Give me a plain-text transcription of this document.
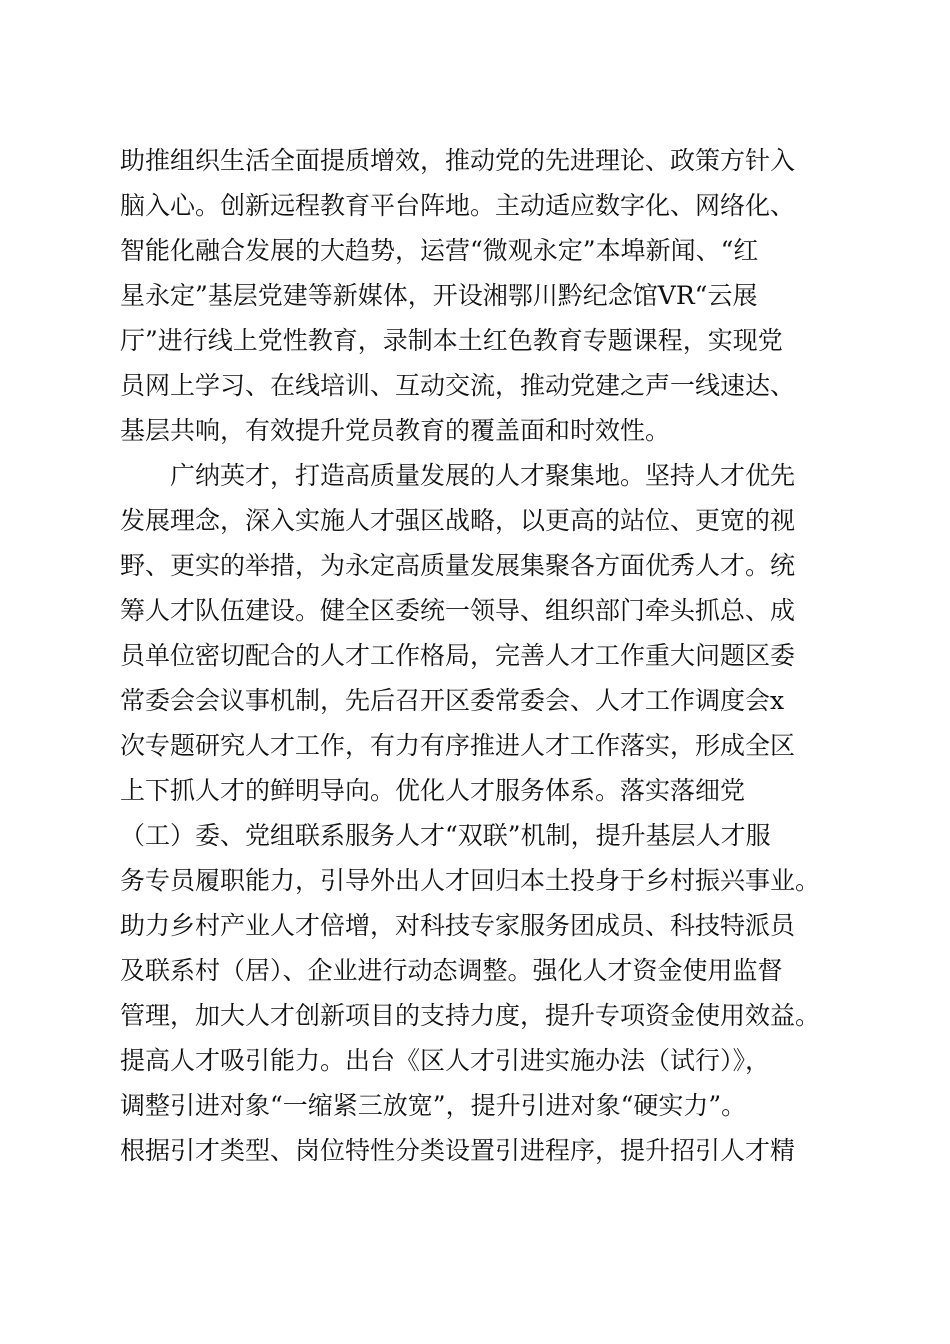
助推组织生活全面提质增效，推动党的先进理论、政策方针入
脑入心。创新远程教育平台阵地。主动适应数字化、网络化、
智能化融合发展的大趋势，运营“微观永定”本埠新闻、“红
星永定”基层党建等新媒体，开设湘鄂川黔纪念馆VR“云展
厅”进行线上党性教育，录制本土红色教育专题课程，实现党
员网上学习、在线培训、互动交流，推动党建之声一线速达、
基层共响，有效提升党员教育的覆盖面和时效性。
广纳英才，打造高质量发展的人才聚集地。坚持人才优先
发展理念，深入实施人才强区战略，以更高的站位、更宽的视
野、更实的举措，为永定高质量发展集聚各方面优秀人才。统
筹人才队伍建设。健全区委统一领导、组织部门牵头抓总、成
员单位密切配合的人才工作格局，完善人才工作重大问题区委
常委会会议事机制，先后召开区委常委会、人才工作调度会x
次专题研究人才工作，有力有序推进人才工作落实，形成全区
上下抓人才的鲜明导向。优化人才服务体系。落实落细党
（工）委、党组联系服务人才“双联”机制，提升基层人才服
务专员履职能力，引导外出人才回归本土投身于乡村振兴事业。
助力乡村产业人才倍增，对科技专家服务团成员、科技特派员
及联系村（居）、企业进行动态调整。强化人才资金使用监督
管理，加大人才创新项目的支持力度，提升专项资金使用效益。
提高人才吸引能力。出台《区人才引进实施办法（试行）》，
调整引进对象“一缩紧三放宽”，提升引进对象“硬实力”。
根据引才类型、岗位特性分类设置引进程序，提升招引人才精
